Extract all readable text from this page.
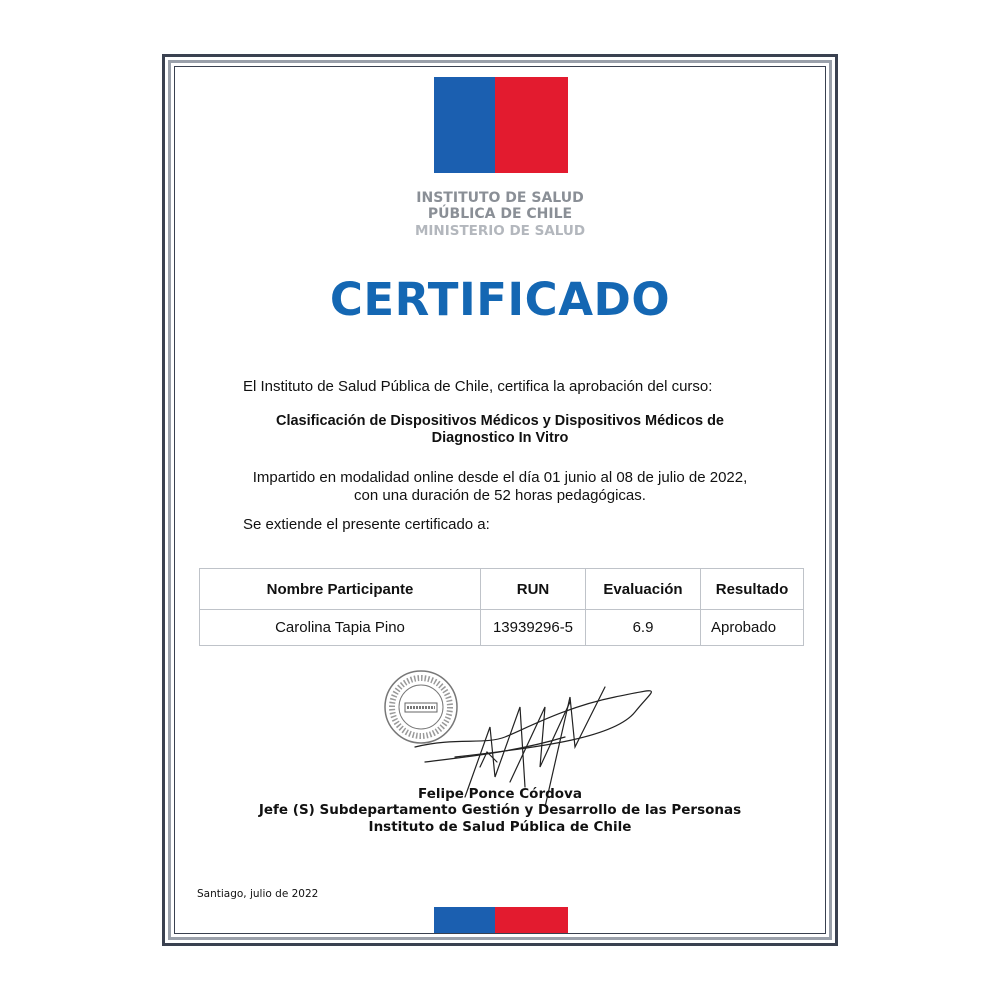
INSTITUTO DE SALUD
PÚBLICA DE CHILE
MINISTERIO DE SALUD
CERTIFICADO
El Instituto de Salud Pública de Chile, certifica la aprobación del curso:
Clasificación de Dispositivos Médicos y Dispositivos Médicos de
Diagnostico In Vitro
Impartido en modalidad online desde el día 01 junio al 08 de julio de 2022,
con una duración de 52 horas pedagógicas.
Se extiende el presente certificado a:
Nombre Participante	RUN	Evaluación	Resultado
Carolina Tapia Pino	13939296-5	6.9	Aprobado
Felipe Ponce Córdova
Jefe (S) Subdepartamento Gestión y Desarrollo de las Personas
Instituto de Salud Pública de Chile
Santiago, julio de 2022
